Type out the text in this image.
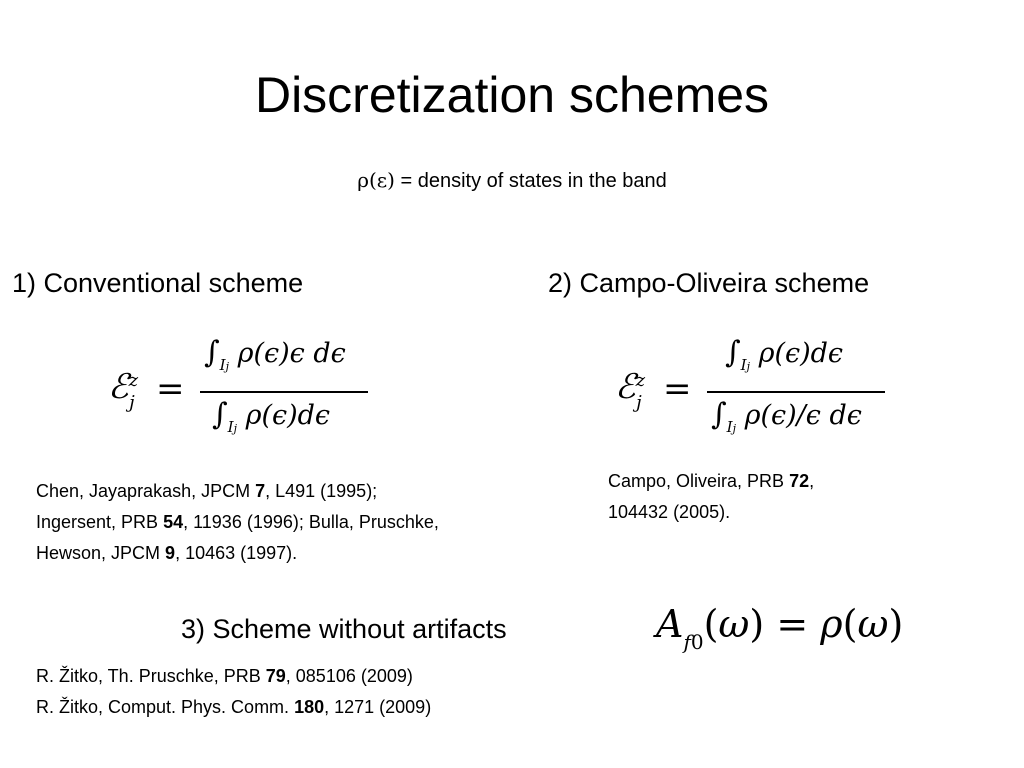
Discretization schemes
ρ(ε) = density of states in the band
1) Conventional scheme
ℰ$^z_j$ =
$\int_{Ij}$ ρ(ϵ)ϵ dϵ
$\int_{Ij}$ ρ(ϵ)dϵ
Chen, Jayaprakash, JPCM 7, L491 (1995);
Ingersent, PRB 54, 11936 (1996); Bulla, Pruschke,
Hewson, JPCM 9, 10463 (1997).
2) Campo-Oliveira scheme
ℰ$^z_j$ =
$\int_{Ij}$ ρ(ϵ)dϵ
$\int_{Ij}$ ρ(ϵ)/ϵ dϵ
Campo, Oliveira, PRB 72,
104432 (2005).
3) Scheme without artifacts	$A_{f0}(\omega) = \rho(\omega)$
R. Žitko, Th. Pruschke, PRB 79, 085106 (2009)
R. Žitko, Comput. Phys. Comm. 180, 1271 (2009)
